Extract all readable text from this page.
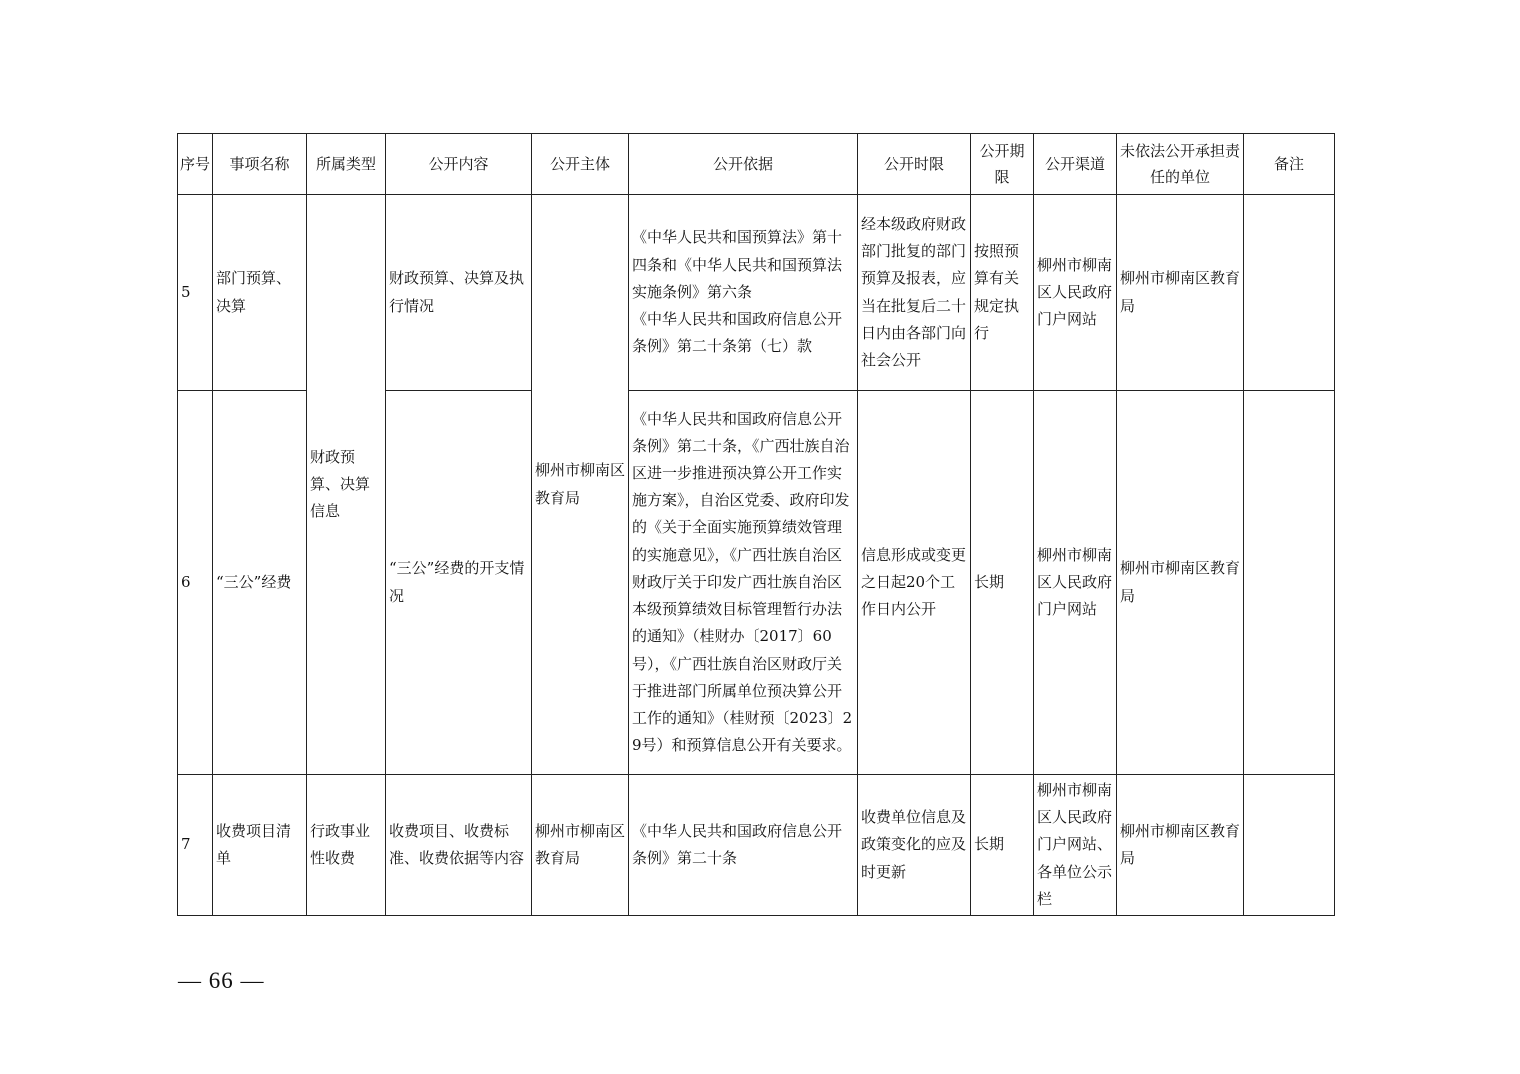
序号	事项名称	所属类型	公开内容	公开主体	公开依据	公开时限	公开期限	公开渠道	未依法公开承担责任的单位	备注
5	部门预算、决算	财政预算、决算信息	财政预算、决算及执行情况	柳州市柳南区教育局	《中华人民共和国预算法》第十四条和《中华人民共和国预算法实施条例》第六条
《中华人民共和国政府信息公开条例》第二十条第（七）款	经本级政府财政部门批复的部门预算及报表，应当在批复后二十日内由各部门向社会公开	按照预算有关规定执行	柳州市柳南区人民政府门户网站	柳州市柳南区教育局	
6	“三公”经费		“三公”经费的开支情况		《中华人民共和国政府信息公开条例》第二十条，《广西壮族自治区进一步推进预决算公开工作实施方案》，自治区党委、政府印发的《关于全面实施预算绩效管理的实施意见》，《广西壮族自治区财政厅关于印发广西壮族自治区本级预算绩效目标管理暂行办法的通知》（桂财办〔2017〕60号），《广西壮族自治区财政厅关于推进部门所属单位预决算公开工作的通知》（桂财预〔2023〕29号）和预算信息公开有关要求。	信息形成或变更之日起20个工作日内公开	长期	柳州市柳南区人民政府门户网站	柳州市柳南区教育局	
7	收费项目清单	行政事业性收费	收费项目、收费标准、收费依据等内容	柳州市柳南区教育局	《中华人民共和国政府信息公开条例》第二十条	收费单位信息及政策变化的应及时更新	长期	柳州市柳南区人民政府门户网站、各单位公示栏	柳州市柳南区教育局	
— 66 —
